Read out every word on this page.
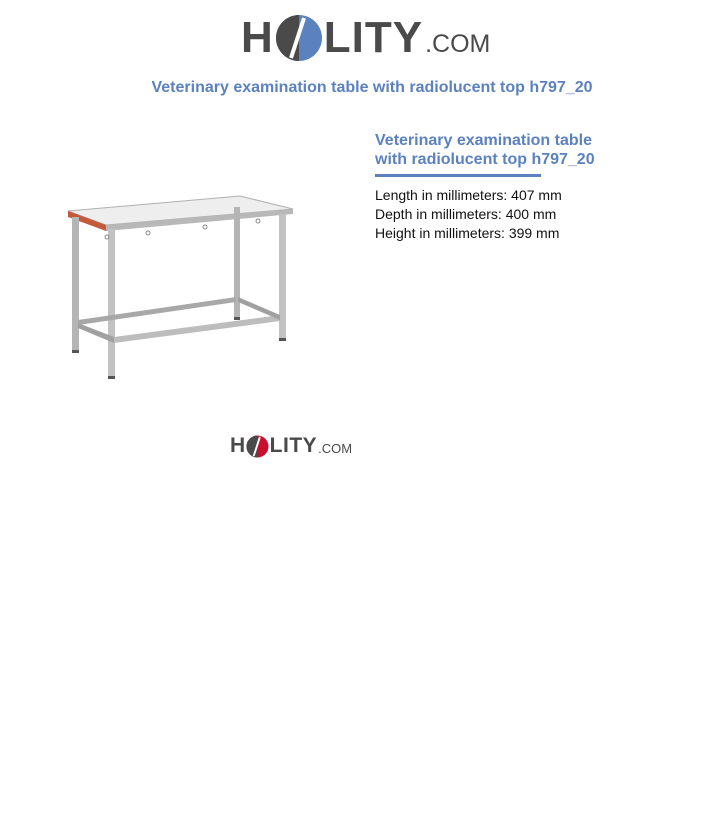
H LITY .COM
Veterinary examination table with radiolucent top h797_20
Veterinary examination table with radiolucent top h797_20
Length in millimeters: 407 mm
Depth in millimeters: 400 mm
Height in millimeters: 399 mm
H LITY .COM
